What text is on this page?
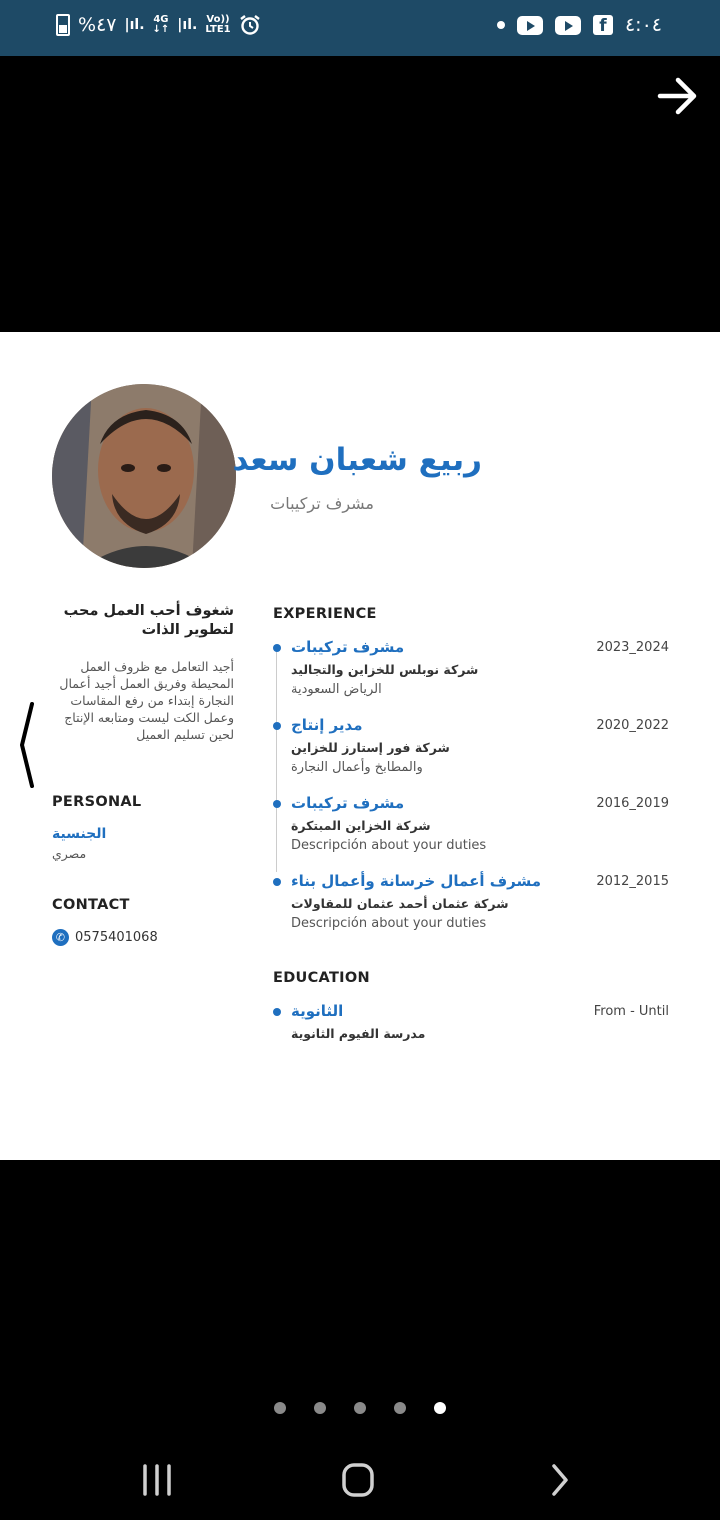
%٤٧ |ıl. 4G
↓↑ |ıl. Vo))
LTE1	f ٤:٠٤
ربيع شعبان سعد
مشرف تركيبات
شغوف أحب العمل محب لتطوير الذات
أجيد التعامل مع ظروف العمل المحيطة وفريق العمل أجيد أعمال النجارة إبتداء من رفع المقاسات وعمل الكت ليست ومتابعه الإنتاج لحين تسليم العميل
PERSONAL
الجنسية
مصري
CONTACT
✆ 0575401068
EXPERIENCE
مشرف تركيبات	2023_2024
شركة نوبلس للخزاين والتجاليد
الرياض السعودية
مدير إنتاج	2020_2022
شركة فور إستارز للخزاين
والمطابخ وأعمال النجارة
مشرف تركيبات	2016_2019
شركة الخزاين المبتكرة
Descripción about your duties
مشرف أعمال خرسانة وأعمال بناء	2012_2015
شركة عثمان أحمد عثمان للمقاولات
Descripción about your duties
EDUCATION
الثانوية	From - Until
مدرسة الفيوم الثانوية
